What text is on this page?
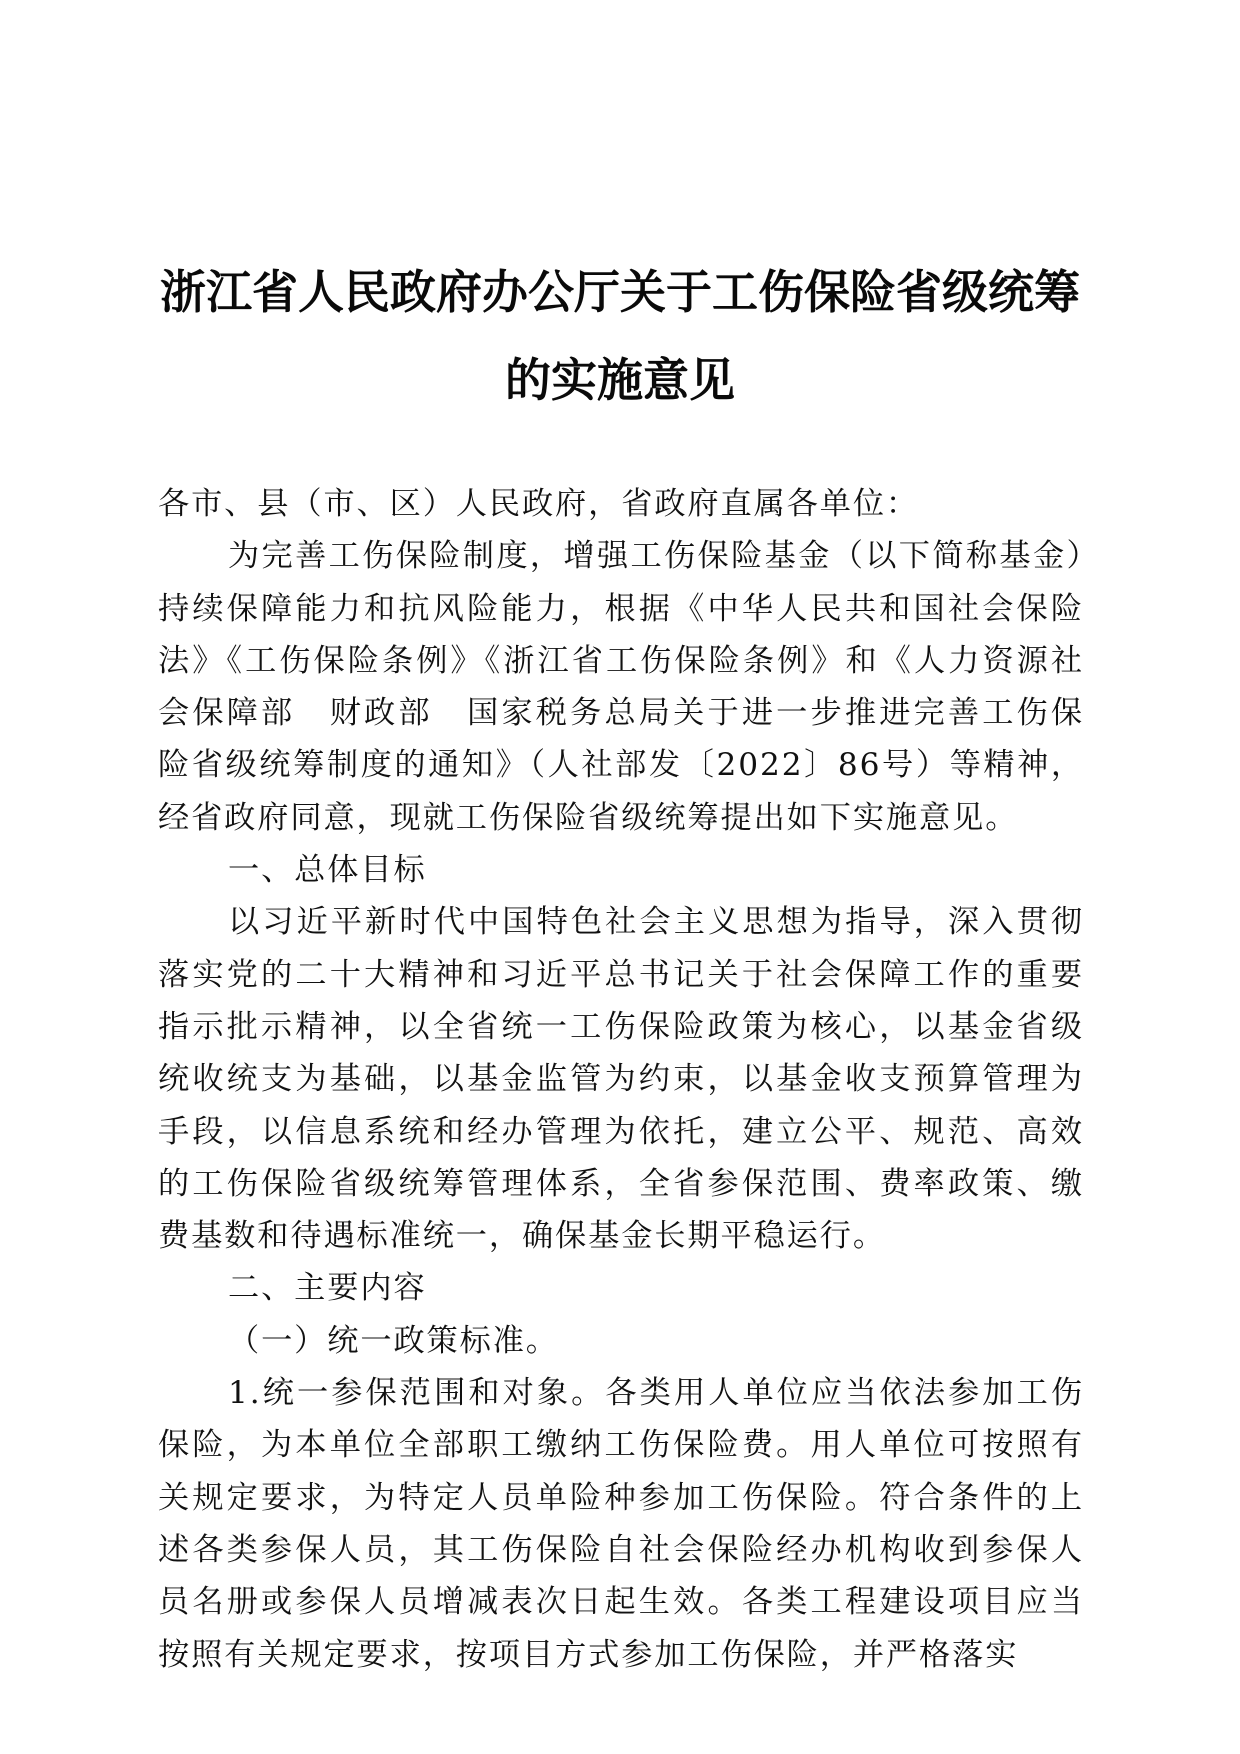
浙江省人民政府办公厅关于工伤保险省级统筹
的实施意见

各市、县（市、区）人民政府，省政府直属各单位：

为完善工伤保险制度，增强工伤保险基金（以下简称基金）持续保障能力和抗风险能力，根据《中华人民共和国社会保险法》《工伤保险条例》《浙江省工伤保险条例》和《人力资源社会保障部　财政部　国家税务总局关于进一步推进完善工伤保险省级统筹制度的通知》（人社部发〔2022〕86号）等精神，经省政府同意，现就工伤保险省级统筹提出如下实施意见。

一、总体目标

以习近平新时代中国特色社会主义思想为指导，深入贯彻落实党的二十大精神和习近平总书记关于社会保障工作的重要指示批示精神，以全省统一工伤保险政策为核心，以基金省级统收统支为基础，以基金监管为约束，以基金收支预算管理为手段，以信息系统和经办管理为依托，建立公平、规范、高效的工伤保险省级统筹管理体系，全省参保范围、费率政策、缴费基数和待遇标准统一，确保基金长期平稳运行。

二、主要内容

（一）统一政策标准。

1.统一参保范围和对象。各类用人单位应当依法参加工伤保险，为本单位全部职工缴纳工伤保险费。用人单位可按照有关规定要求，为特定人员单险种参加工伤保险。符合条件的上述各类参保人员，其工伤保险自社会保险经办机构收到参保人员名册或参保人员增减表次日起生效。各类工程建设项目应当按照有关规定要求，按项目方式参加工伤保险，并严格落实
